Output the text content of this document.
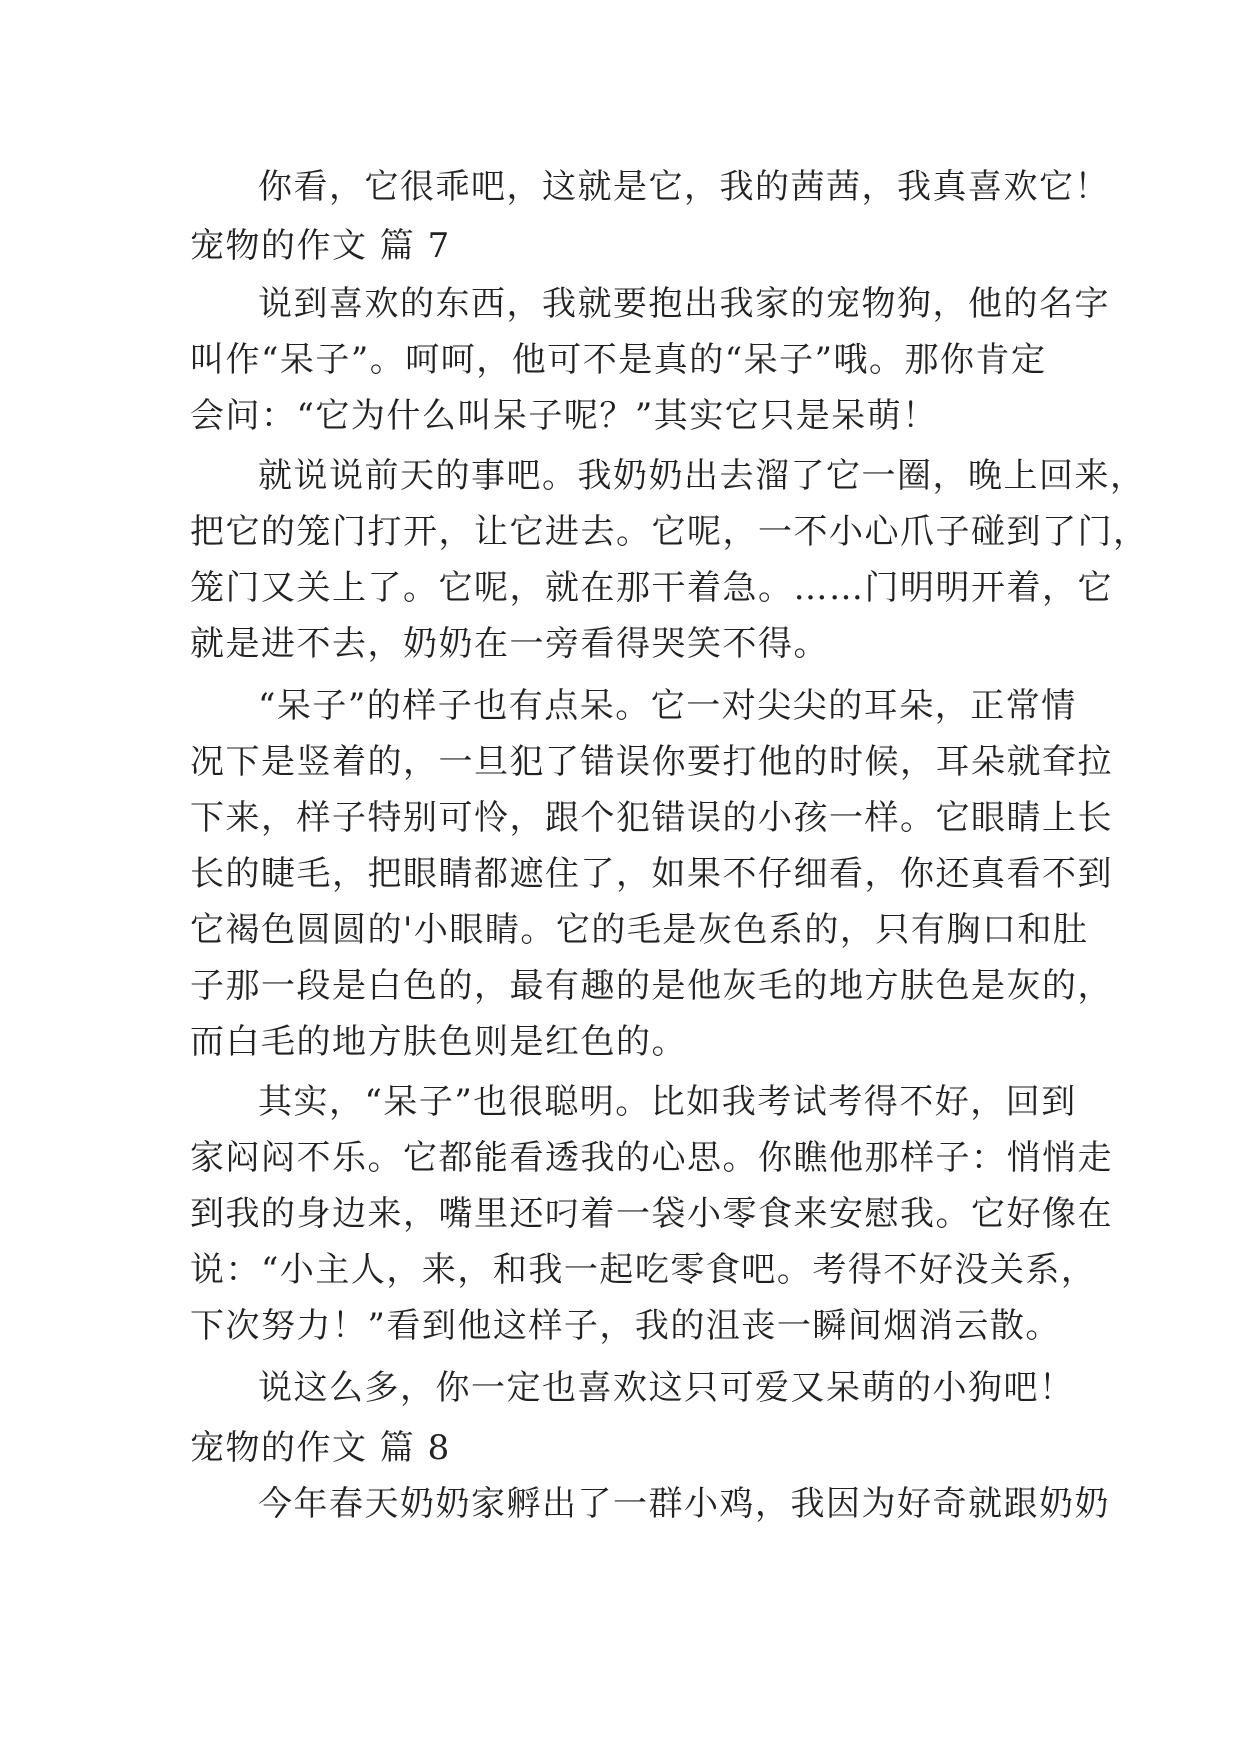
你看，它很乖吧，这就是它，我的茜茜，我真喜欢它！
宠物的作文 篇 7
说到喜欢的东西，我就要抱出我家的宠物狗，他的名字
叫作“呆子”。呵呵，他可不是真的“呆子”哦。那你肯定
会问：“它为什么叫呆子呢？”其实它只是呆萌！
就说说前天的事吧。我奶奶出去溜了它一圈，晚上回来，
把它的笼门打开，让它进去。它呢，一不小心爪子碰到了门，
笼门又关上了。它呢，就在那干着急。……门明明开着，它
就是进不去，奶奶在一旁看得哭笑不得。
“呆子”的样子也有点呆。它一对尖尖的耳朵，正常情
况下是竖着的，一旦犯了错误你要打他的时候，耳朵就耷拉
下来，样子特别可怜，跟个犯错误的小孩一样。它眼睛上长
长的睫毛，把眼睛都遮住了，如果不仔细看，你还真看不到
它褐色圆圆的'小眼睛。它的毛是灰色系的，只有胸口和肚
子那一段是白色的，最有趣的是他灰毛的地方肤色是灰的，
而白毛的地方肤色则是红色的。
其实，“呆子”也很聪明。比如我考试考得不好，回到
家闷闷不乐。它都能看透我的心思。你瞧他那样子：悄悄走
到我的身边来，嘴里还叼着一袋小零食来安慰我。它好像在
说：“小主人，来，和我一起吃零食吧。考得不好没关系，
下次努力！”看到他这样子，我的沮丧一瞬间烟消云散。
说这么多，你一定也喜欢这只可爱又呆萌的小狗吧！
宠物的作文 篇 8
今年春天奶奶家孵出了一群小鸡，我因为好奇就跟奶奶
